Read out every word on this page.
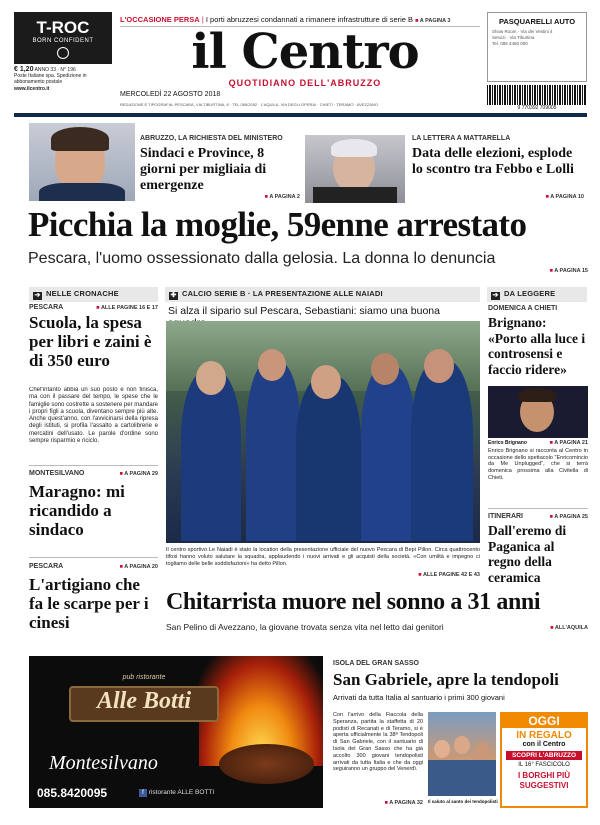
T-ROC
BORN CONFIDENT
€ 1,20 ANNO 33 · N° 196
Poste Italiane spa. Spedizione in abbonamento postale
www.ilcentro.it
L'OCCASIONE PERSA | I porti abruzzesi condannati a rimanere infrastrutture di serie B ■ A PAGINA 3
il Centro
QUOTIDIANO DELL'ABRUZZO
MERCOLEDÌ 22 AGOSTO 2018
REDAZIONE E TIPOGRAFIA: PESCARA, VIA TIBURTINA, 8 · TEL 085/2052 · L'AQUILA, VIA DEGLI OPERAI · CHIETI · TERAMO · AVEZZANO
PASQUARELLI AUTO
Show Room · Via dei Vestini 4
Servizi · Via Tiburtina
Tel. 085 4460 000
9 770392 709005
ABRUZZO, LA RICHIESTA DEL MINISTERO
Sindaci e Province, 8 giorni per migliaia di emergenze
■ A PAGINA 2
LA LETTERA A MATTARELLA
Data delle elezioni, esplode lo scontro tra Febbo e Lolli
■ A PAGINA 10
Picchia la moglie, 59enne arrestato
Pescara, l'uomo ossessionato dalla gelosia. La donna lo denuncia
■ A PAGINA 15
➔ NELLE CRONACHE
PESCARA	■ ALLE PAGINE 16 E 17
Scuola, la spesa per libri e zaini è di 350 euro
Chef'intanto abbia un suo posto e non finisca, ma con il passare del tempo, le spese che le famiglie sono costrette a sostenere per mandare i propri figli a scuola, diventano sempre più alte. Anche quest'anno, con l'avvicinarsi della ripresa degli istituti, si profila l'assalto a cartolibrerie e mercatini dell'usato. Le parole d'ordine sono sempre risparmio e riciclo.
MONTESILVANO	■ A PAGINA 29
Maragno: mi ricandido a sindaco
PESCARA	■ A PAGINA 20
L'artigiano che fa le scarpe per i cinesi
✚ CALCIO SERIE B · LA PRESENTAZIONE ALLE NAIADI
Si alza il sipario sul Pescara, Sebastiani: siamo una buona
Il centro sportivo Le Naiadi è stato la location della presentazione ufficiale del nuovo Pescara di Bepi Pillon. Circa quattrocento tifosi hanno voluto salutare la squadra, applaudendo i nuovi arrivati e gli acquisti della società. «Con umiltà e impegno ci togliamo delle belle soddisfazioni» ha detto Pillon.
■ ALLE PAGINE 42 E 43
➔ DA LEGGERE
DOMENICA A CHIETI
Brignano: «Porto alla luce i controsensi e faccio ridere»
Enrico Brignano	■ A PAGINA 21
Enrico Brignano si racconta al Centro in occasione dello spettacolo "Enricomincio da Me Unplugged", che si terrà domenica prossima alla Civitella di Chieti.
ITINERARI	■ A PAGINA 25
Dall'eremo di Paganica al regno della ceramica
Chitarrista muore nel sonno a 31 anni
San Pelino di Avezzano, la giovane trovata senza vita nel letto dai genitori	■ ALL'AQUILA
pub ristorante
Alle Botti
Montesilvano
085.8420095	f ristorante ALLE BOTTI
ISOLA DEL GRAN SASSO
San Gabriele, apre la tendopoli
Arrivati da tutta Italia al santuario i primi 300 giovani
Con l'arrivo della Fiaccola della Speranza, partita la staffetta di 20 podisti di Recanati e di Teramo, si è aperta ufficialmente la 38ª Tendopoli di San Gabriele, con il santuario di Isola del Gran Sasso che ha già accolto 300 giovani tendopolisti arrivati da tutta Italia e che da oggi seguiranno un gruppo del Venerdì.
■ A PAGINA 32 Il saluto al santo dei tendopolisti
OGGI
IN REGALO
con il Centro
SCOPRI L'ABRUZZO
IL 16° FASCICOLO
I BORGHI PIÙ SUGGESTIVI
